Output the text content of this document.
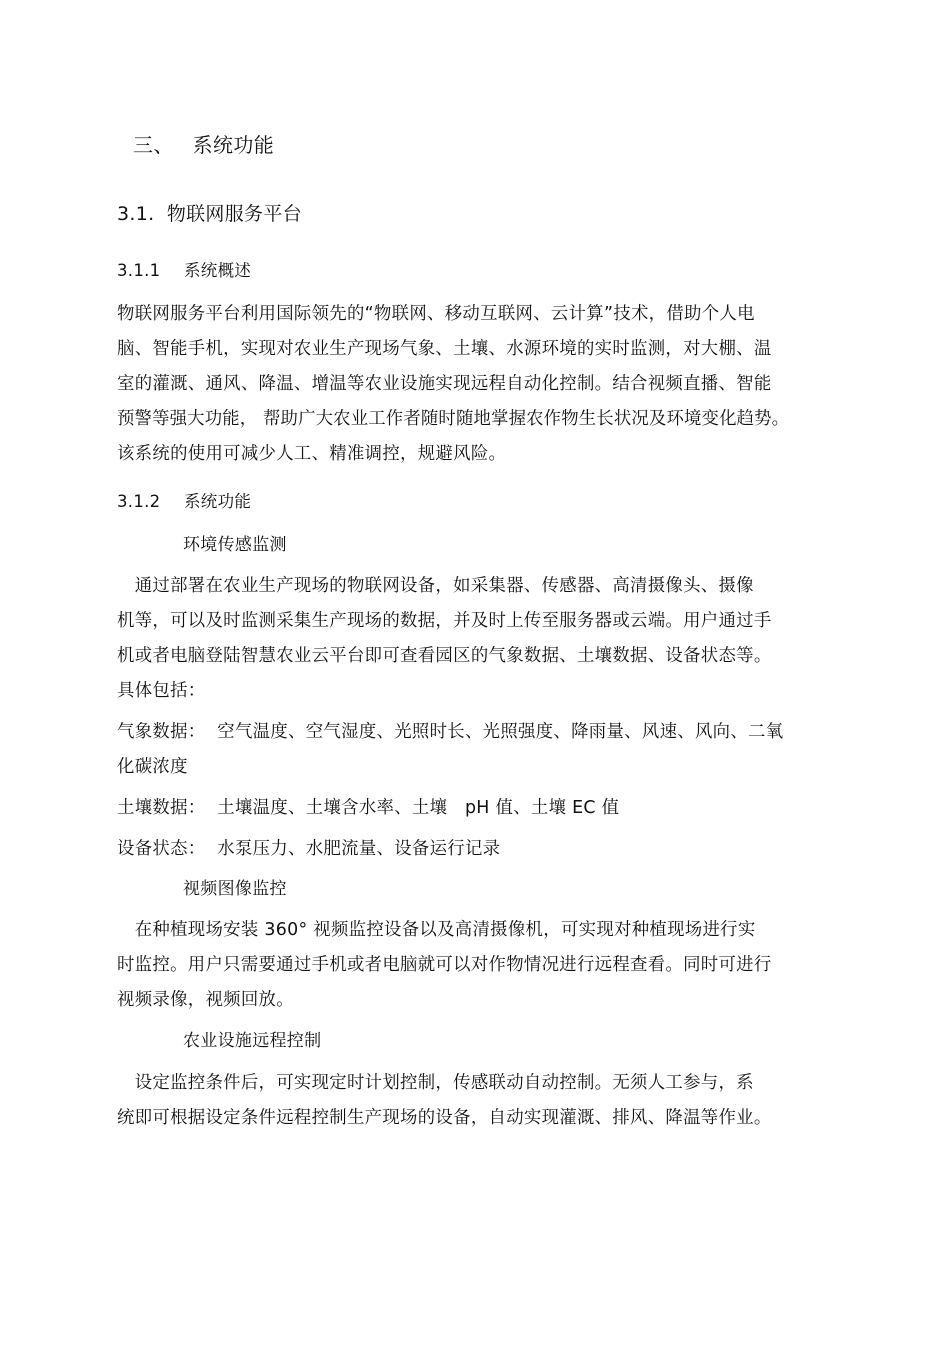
三、 系统功能
3.1. 物联网服务平台
3.1.1 系统概述
物联网服务平台利用国际领先的“物联网、移动互联网、云计算”技术，借助个人电
脑、智能手机，实现对农业生产现场气象、土壤、水源环境的实时监测，对大棚、温
室的灌溉、通风、降温、增温等农业设施实现远程自动化控制。结合视频直播、智能
预警等强大功能， 帮助广大农业工作者随时随地掌握农作物生长状况及环境变化趋势。
该系统的使用可减少人工、精准调控，规避风险。
3.1.2 系统功能
环境传感监测
　通过部署在农业生产现场的物联网设备，如采集器、传感器、高清摄像头、摄像
机等，可以及时监测采集生产现场的数据，并及时上传至服务器或云端。用户通过手
机或者电脑登陆智慧农业云平台即可查看园区的气象数据、土壤数据、设备状态等。
具体包括：
气象数据： 空气温度、空气湿度、光照时长、光照强度、降雨量、风速、风向、二氧
化碳浓度
土壤数据： 土壤温度、土壤含水率、土壤　pH 值、土壤 EC 值
设备状态： 水泵压力、水肥流量、设备运行记录
视频图像监控
　在种植现场安装 360° 视频监控设备以及高清摄像机，可实现对种植现场进行实
时监控。用户只需要通过手机或者电脑就可以对作物情况进行远程查看。同时可进行
视频录像，视频回放。
农业设施远程控制
　设定监控条件后，可实现定时计划控制，传感联动自动控制。无须人工参与，系
统即可根据设定条件远程控制生产现场的设备，自动实现灌溉、排风、降温等作业。
